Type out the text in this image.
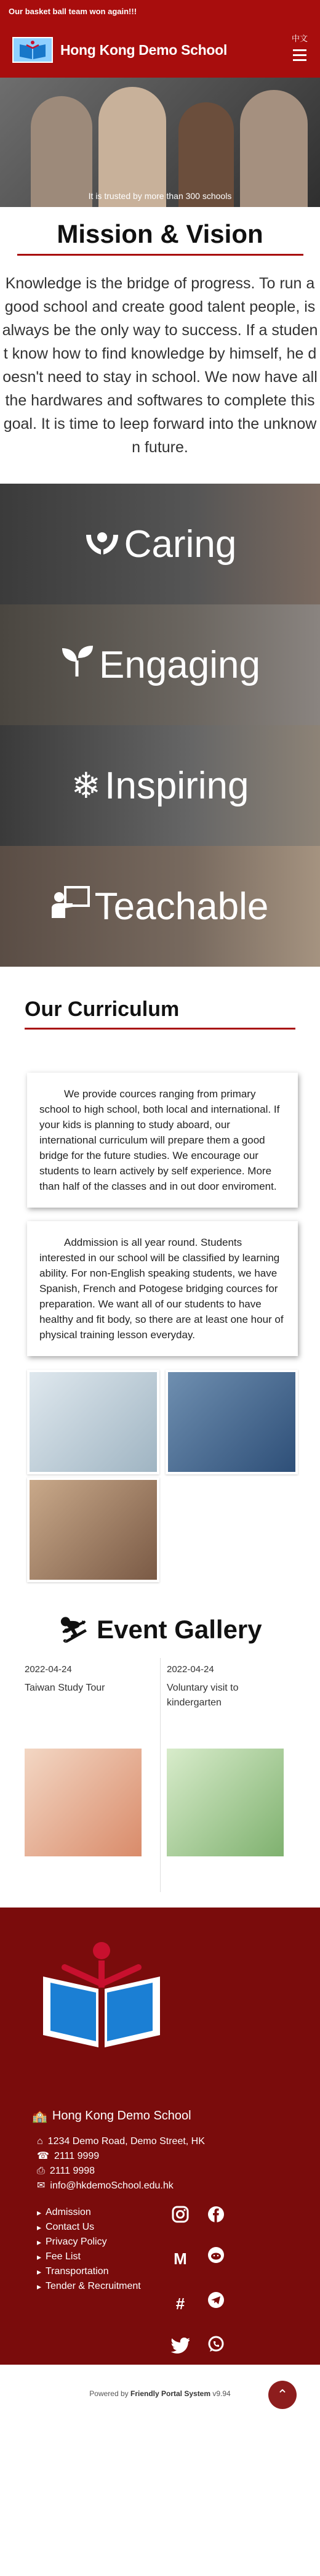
Our basket ball team won again!!!
Hong Kong Demo School
中文
It is trusted by more than 300 schools
Mission & Vision

Knowledge is the bridge of progress. To run a good school and create good talent people, is always be the only way to success. If a student know how to find knowledge by himself, he doesn't need to stay in school. We now have all the hardwares and softwares to complete this goal. It is time to leep forward into the unknown future.

Caring
Engaging
❄ Inspiring
Teachable
Our Curriculum

We provide cources ranging from primary school to high school, both local and international. If your kids is planning to study aboard, our international curriculum will prepare them a good bridge for the future studies. We encourage our students to learn actively by self experience. More than half of the classes and in out door enviroment.

Addmission is all year round. Students interested in our school will be classified by learning ability. For non-English speaking students, we have Spanish, French and Potogese bridging cources for preparation. We want all of our students to have healthy and fit body, so there are at least one hour of physical training lesson everyday.

⛷ Event Gallery
2022-04-24
Taiwan Study Tour
2022-04-24
Voluntary visit to kindergarten
🏫 Hong Kong Demo School
⌂ 1234 Demo Road, Demo Street, HK
☎ 2111 9999
⎙ 2111 9998
✉ info@hkdemoSchool.edu.hk
▸ Admission
▸ Contact Us
▸ Privacy Policy
▸ Fee List
▸ Transportation
▸ Tender & Recruitment
M
#
Powered by Friendly Portal System v9.94	⌃
